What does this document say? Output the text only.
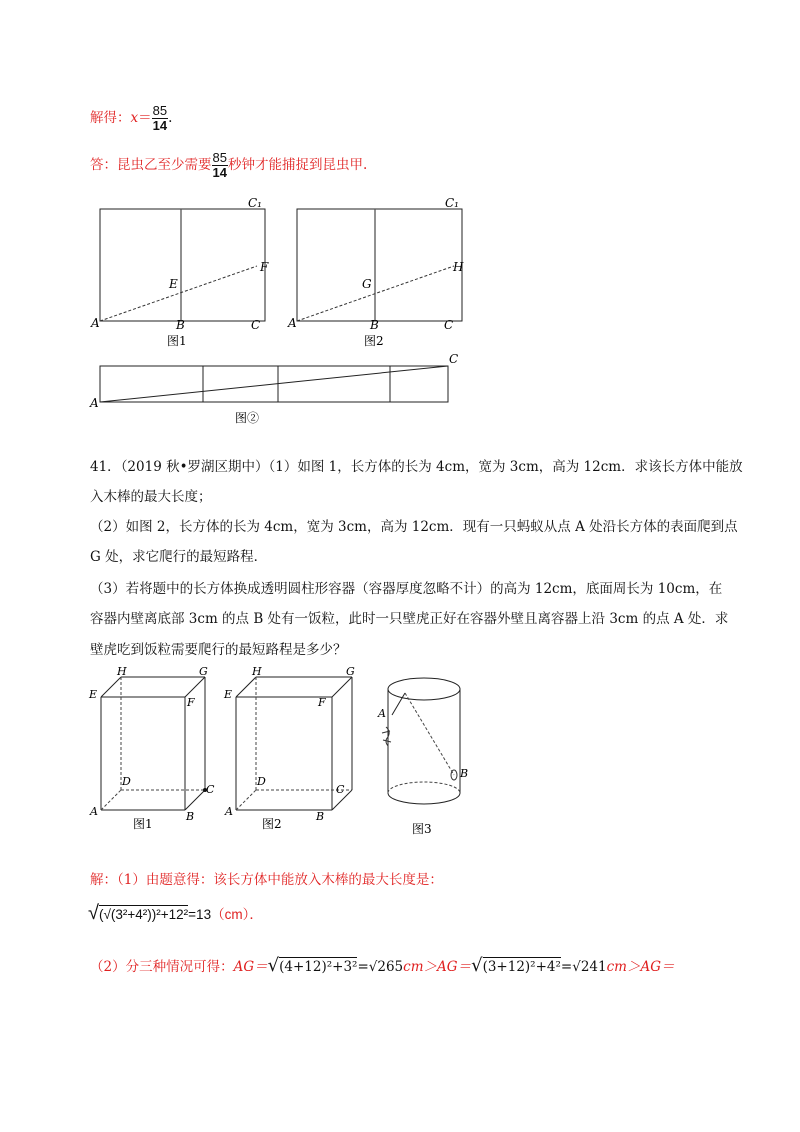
解得：$x= \frac{85}{14}$ .
答：昆虫乙至少需要 $\frac{85}{14}$ 秒钟才能捕捉到昆虫甲.
C₁
F
E
A	B	C
图1
C₁
H
G
A	B	C
图2
C
A
图②
41．（2019 秋•罗湖区期中）（1）如图 1，长方体的长为 4cm，宽为 3cm，高为 12cm．求该长方体中能放
入木棒的最大长度；
（2）如图 2，长方体的长为 4cm，宽为 3cm，高为 12cm．现有一只蚂蚁从点 A 处沿长方体的表面爬到点
G 处，求它爬行的最短路程．
（3）若将题中的长方体换成透明圆柱形容器（容器厚度忽略不计）的高为 12cm，底面周长为 10cm，在
容器内壁离底部 3cm 的点 B 处有一饭粒，此时一只壁虎正好在容器外壁且离容器上沿 3cm 的点 A 处．求
壁虎吃到饭粒需要爬行的最短路程是多少？
H	G
E
F
D
C
A	B
图1
H	G
E
F
D
C
A	B
图2
A
B
图3
解：（1）由题意得：该长方体中能放入木棒的最大长度是：
√(√(3²+4²))²+12²=13（cm）．
（2）分三种情况可得：AG＝√(4+12)²+3²=√265cm＞AG＝√(3+12)²+4²=√241cm＞AG＝
